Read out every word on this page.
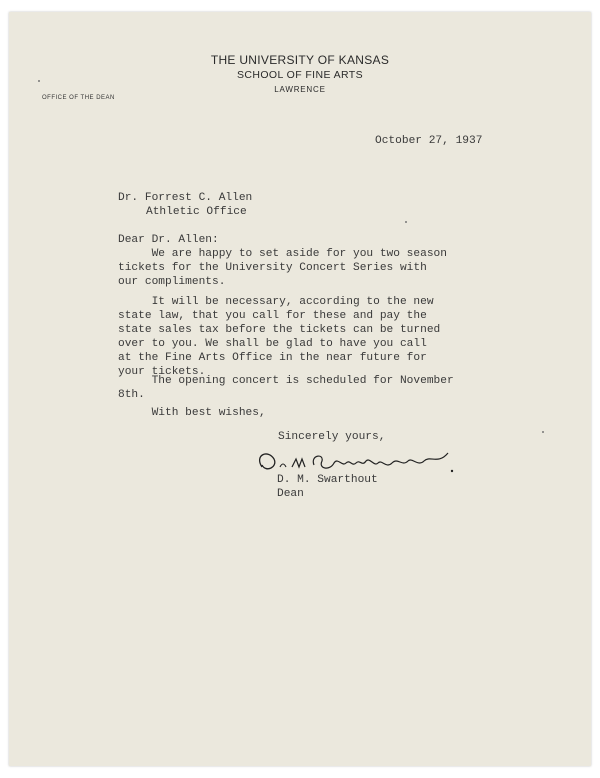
THE UNIVERSITY OF KANSAS
SCHOOL OF FINE ARTS
LAWRENCE
OFFICE OF THE DEAN
October 27, 1937
Dr. Forrest C. Allen
Athletic Office
Dear Dr. Allen:
We are happy to set aside for you two season
tickets for the University Concert Series with
our compliments.
It will be necessary, according to the new
state law, that you call for these and pay the
state sales tax before the tickets can be turned
over to you. We shall be glad to have you call
at the Fine Arts Office in the near future for
your tickets.
The opening concert is scheduled for November
8th.
With best wishes,
Sincerely yours,
D. M. Swarthout
Dean
